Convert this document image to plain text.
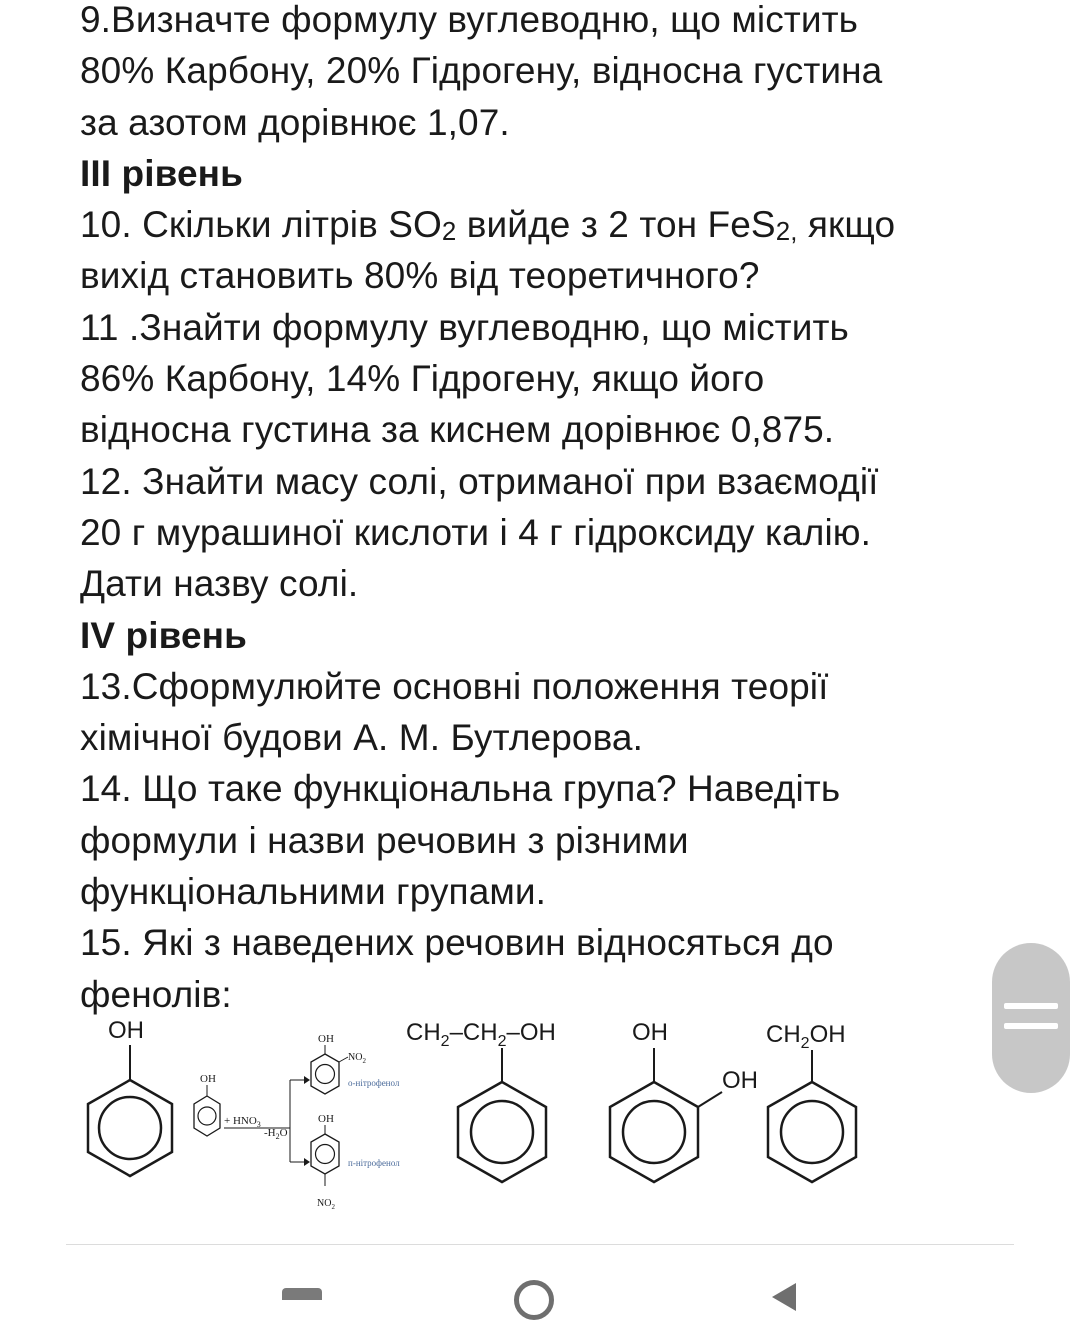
9.Визначте формулу вуглеводню, що містить

80% Карбону, 20% Гідрогену, відносна густина

за азотом дорівнює 1,07.

III рівень

10. Скільки літрів $SO_2$ вийде з 2 тон FeS$_{2,}$ якщо

вихід становить 80% від теоретичного?

11 .Знайти формулу вуглеводню, що містить

86% Карбону, 14% Гідрогену, якщо його

відносна густина за киснем дорівнює 0,875.

12. Знайти масу солі, отриманої при взаємодії

20 г мурашиної кислоти і 4 г гідроксиду калію.

Дати назву солі.

IV рівень

13.Сформулюйте основні положення теорії

хімічної будови А. М. Бутлерова.

14. Що таке функціональна група? Наведіть

формули і назви речовин з різними

функціональними групами.

15. Які з наведених речовин відносяться до

фенолів:

OH
OH
+ $HNO_3$
$-H_2O$
OH
$NO_2$
о-нітрофенол
OH
$NO_2$
п-нітрофенол
$CH_2-CH_2-OH$	OH
OH
$CH_2OH$
